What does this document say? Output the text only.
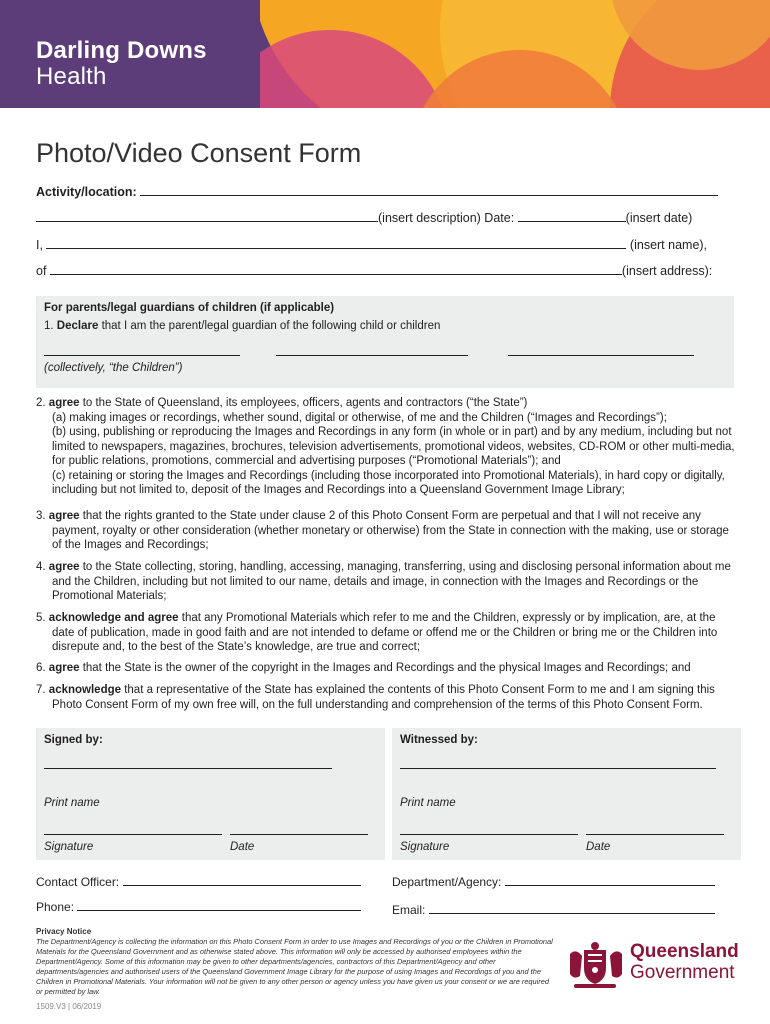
Darling Downs
Health
Photo/Video Consent Form
Activity/location:
(insert description) Date:	(insert date)
I,	(insert name),
of	(insert address):
For parents/legal guardians of children (if applicable)
1. Declare that I am the parent/legal guardian of the following child or children
(collectively, “the Children”)
2. agree to the State of Queensland, its employees, officers, agents and contractors (“the State”)
(a) making images or recordings, whether sound, digital or otherwise, of me and the Children (“Images and Recordings”);
(b) using, publishing or reproducing the Images and Recordings in any form (in whole or in part) and by any medium, including but not limited to newspapers, magazines, brochures, television advertisements, promotional videos, websites, CD-ROM or other multi-media, for public relations, promotions, commercial and advertising purposes (“Promotional Materials”); and
(c) retaining or storing the Images and Recordings (including those incorporated into Promotional Materials), in hard copy or digitally, including but not limited to, deposit of the Images and Recordings into a Queensland Government Image Library;
3. agree that the rights granted to the State under clause 2 of this Photo Consent Form are perpetual and that I will not receive any payment, royalty or other consideration (whether monetary or otherwise) from the State in connection with the making, use or storage of the Images and Recordings;
4. agree to the State collecting, storing, handling, accessing, managing, transferring, using and disclosing personal information about me and the Children, including but not limited to our name, details and image, in connection with the Images and Recordings or the Promotional Materials;
5. acknowledge and agree that any Promotional Materials which refer to me and the Children, expressly or by implication, are, at the date of publication, made in good faith and are not intended to defame or offend me or the Children or bring me or the Children into disrepute and, to the best of the State’s knowledge, are true and correct;
6. agree that the State is the owner of the copyright in the Images and Recordings and the physical Images and Recordings; and
7. acknowledge that a representative of the State has explained the contents of this Photo Consent Form to me and I am signing this Photo Consent Form of my own free will, on the full understanding and comprehension of the terms of this Photo Consent Form.
Signed by:
Print name
Signature	Date
Witnessed by:
Print name
Signature	Date
Contact Officer:	Department/Agency:
Phone:	Email:
Privacy Notice
The Department/Agency is collecting the information on this Photo Consent Form in order to use Images and Recordings of you or the Children in Promotional Materials for the Queensland Government and as otherwise stated above. This information will only be accessed by authorised employees within the Department/Agency. Some of this information may be given to other departments/agencies, contractors of this Department/Agency and other departments/agencies and authorised users of the Queensland Government Image Library for the purpose of using Images and Recordings of you and the Children in Promotional Materials. Your information will not be given to any other person or agency unless you have given us your consent or we are required or permitted by law.
Queensland
Government
1509.V3 | 06/2019
